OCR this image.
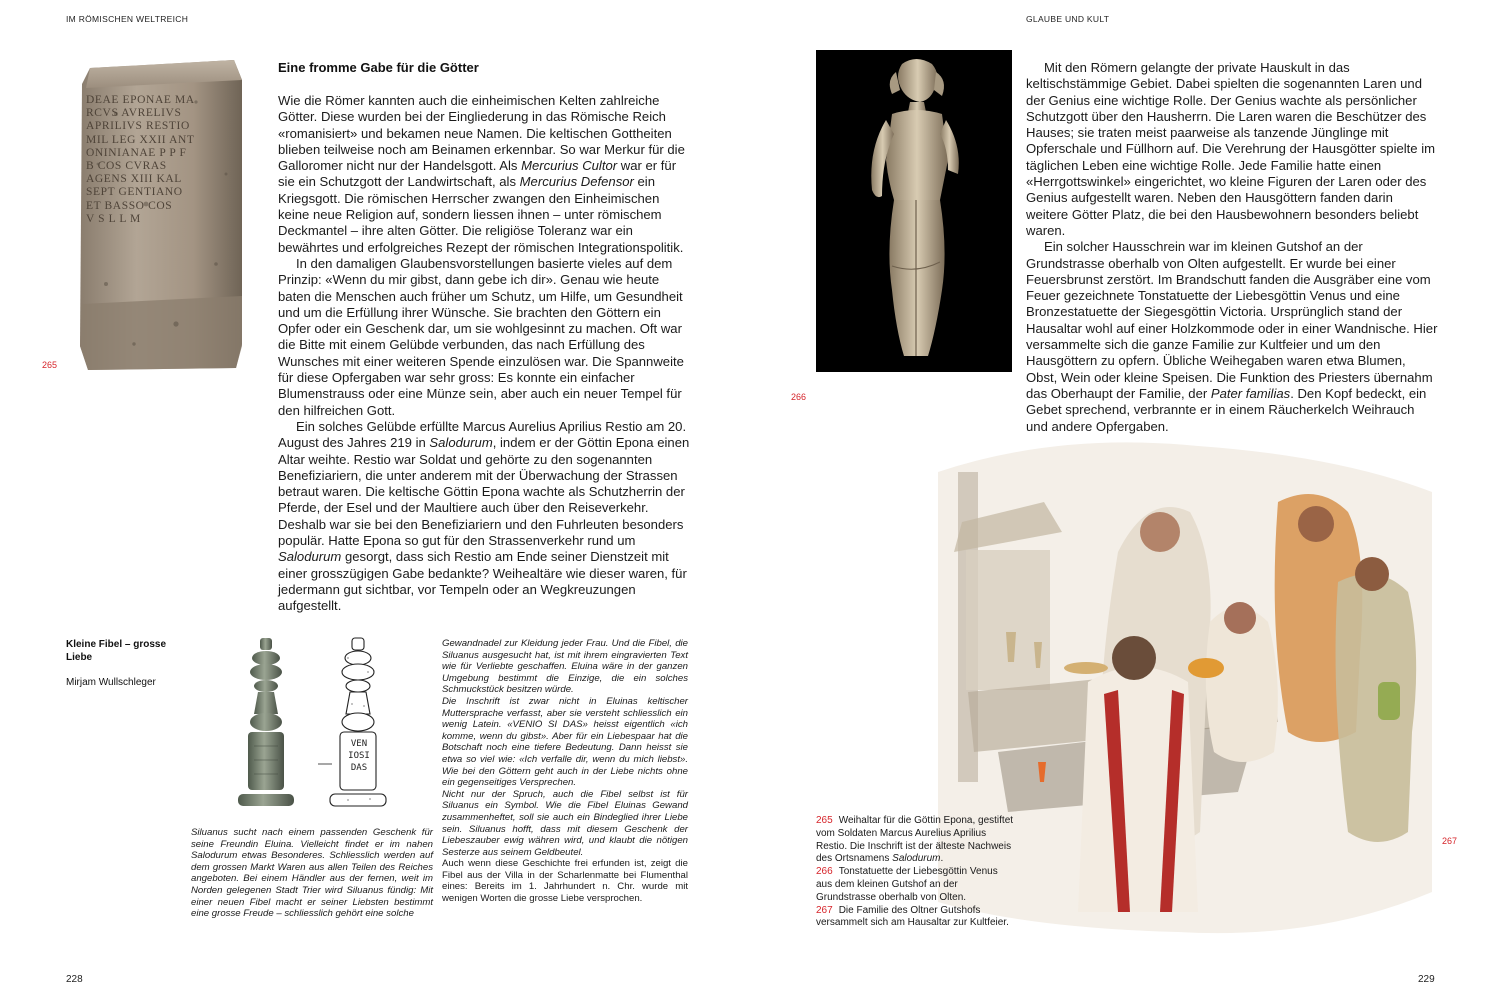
IM RÖMISCHEN WELTREICH
DEAE EPONAE MA
RCVS AVRELIVS
APRILIVS RESTIO
MIL LEG XXII ANT
ONINIANAE P P F
B COS CVRAS
AGENS XIII KAL
SEPT GENTIANO
ET BASSO COS
V S L L M
265
Eine fromme Gabe für die Götter

Wie die Römer kannten auch die einheimischen Kelten zahlreiche Götter. Diese wurden bei der Eingliederung in das Römische Reich «romanisiert» und bekamen neue Namen. Die keltischen Gottheiten blieben teilweise noch am Beinamen erkennbar. So war Merkur für die Galloromer nicht nur der Handelsgott. Als Mercurius Cultor war er für sie ein Schutzgott der Landwirtschaft, als Mercurius Defensor ein Kriegsgott. Die römischen Herrscher zwangen den Einheimischen keine neue Religion auf, sondern liessen ihnen – unter römischem Deckmantel – ihre alten Götter. Die religiöse Toleranz war ein bewährtes und erfolgreiches Rezept der römischen Integrationspolitik.

In den damaligen Glaubensvorstellungen basierte vieles auf dem Prinzip: «Wenn du mir gibst, dann gebe ich dir». Genau wie heute baten die Menschen auch früher um Schutz, um Hilfe, um Gesundheit und um die Erfüllung ihrer Wünsche. Sie brachten den Göttern ein Opfer oder ein Geschenk dar, um sie wohlgesinnt zu machen. Oft war die Bitte mit einem Gelübde verbunden, das nach Erfüllung des Wunsches mit einer weiteren Spende einzulösen war. Die Spannweite für diese Opfergaben war sehr gross: Es konnte ein einfacher Blumenstrauss oder eine Münze sein, aber auch ein neuer Tempel für den hilfreichen Gott.

Ein solches Gelübde erfüllte Marcus Aurelius Aprilius Restio am 20. August des Jahres 219 in Salodurum, indem er der Göttin Epona einen Altar weihte. Restio war Soldat und gehörte zu den sogenannten Benefiziariern, die unter anderem mit der Überwachung der Strassen betraut waren. Die keltische Göttin Epona wachte als Schutzherrin der Pferde, der Esel und der Maultiere auch über den Reiseverkehr. Deshalb war sie bei den Benefiziariern und den Fuhrleuten besonders populär. Hatte Epona so gut für den Strassenverkehr rund um Salodurum gesorgt, dass sich Restio am Ende seiner Dienstzeit mit einer grosszügigen Gabe bedankte? Weihealtäre wie dieser waren, für jedermann gut sichtbar, vor Tempeln oder an Wegkreuzungen aufgestellt.

Kleine Fibel – grosse Liebe
Mirjam Wullschleger
VEN
IOSI
DAS
Siluanus sucht nach einem passenden Geschenk für seine Freundin Eluina. Vielleicht findet er im nahen Salodurum etwas Besonderes. Schliesslich werden auf dem grossen Markt Waren aus allen Teilen des Reiches angeboten. Bei einem Händler aus der fernen, weit im Norden gelegenen Stadt Trier wird Siluanus fündig: Mit einer neuen Fibel macht er seiner Liebsten bestimmt eine grosse Freude – schliesslich gehört eine solche
Gewandnadel zur Kleidung jeder Frau. Und die Fibel, die Siluanus ausgesucht hat, ist mit ihrem eingravierten Text wie für Verliebte geschaffen. Eluina wäre in der ganzen Umgebung bestimmt die Einzige, die ein solches Schmuckstück besitzen würde.
Die Inschrift ist zwar nicht in Eluinas keltischer Muttersprache verfasst, aber sie versteht schliesslich ein wenig Latein. «VENIO SI DAS» heisst eigentlich «ich komme, wenn du gibst». Aber für ein Liebespaar hat die Botschaft noch eine tiefere Bedeutung. Dann heisst sie etwa so viel wie: «Ich verfalle dir, wenn du mich liebst». Wie bei den Göttern geht auch in der Liebe nichts ohne ein gegenseitiges Versprechen.
Nicht nur der Spruch, auch die Fibel selbst ist für Siluanus ein Symbol. Wie die Fibel Eluinas Gewand zusammenheftet, soll sie auch ein Bindeglied ihrer Liebe sein. Siluanus hofft, dass mit diesem Geschenk der Liebeszauber ewig währen wird, und klaubt die nötigen Sesterze aus seinem Geldbeutel.
Auch wenn diese Geschichte frei erfunden ist, zeigt die Fibel aus der Villa in der Scharlenmatte bei Flumenthal eines: Bereits im 1. Jahrhundert n. Chr. wurde mit wenigen Worten die grosse Liebe versprochen.
228
GLAUBE UND KULT
266

Mit den Römern gelangte der private Hauskult in das keltischstämmige Gebiet. Dabei spielten die sogenannten Laren und der Genius eine wichtige Rolle. Der Genius wachte als persönlicher Schutzgott über den Hausherrn. Die Laren waren die Beschützer des Hauses; sie traten meist paarweise als tanzende Jünglinge mit Opferschale und Füllhorn auf. Die Verehrung der Hausgötter spielte im täglichen Leben eine wichtige Rolle. Jede Familie hatte einen «Herrgottswinkel» eingerichtet, wo kleine Figuren der Laren oder des Genius aufgestellt waren. Neben den Hausgöttern fanden darin weitere Götter Platz, die bei den Hausbewohnern besonders beliebt waren.

Ein solcher Hausschrein war im kleinen Gutshof an der Grundstrasse oberhalb von Olten aufgestellt. Er wurde bei einer Feuersbrunst zerstört. Im Brandschutt fanden die Ausgräber eine vom Feuer gezeichnete Tonstatuette der Liebesgöttin Venus und eine Bronzestatuette der Siegesgöttin Victoria. Ursprünglich stand der Hausaltar wohl auf einer Holzkommode oder in einer Wandnische. Hier versammelte sich die ganze Familie zur Kultfeier und um den Hausgöttern zu opfern. Übliche Weihegaben waren etwa Blumen, Obst, Wein oder kleine Speisen. Die Funktion des Priesters übernahm das Oberhaupt der Familie, der Pater familias. Den Kopf bedeckt, ein Gebet sprechend, verbrannte er in einem Räucherkelch Weihrauch und andere Opfergaben.

267
265 Weihaltar für die Göttin Epona, gestiftet vom Soldaten Marcus Aurelius Aprilius Restio. Die Inschrift ist der älteste Nachweis des Ortsnamens Salodurum.
266 Tonstatuette der Liebesgöttin Venus aus dem kleinen Gutshof an der Grundstrasse oberhalb von Olten.
267 Die Familie des Oltner Gutshofs versammelt sich am Hausaltar zur Kultfeier.
229
